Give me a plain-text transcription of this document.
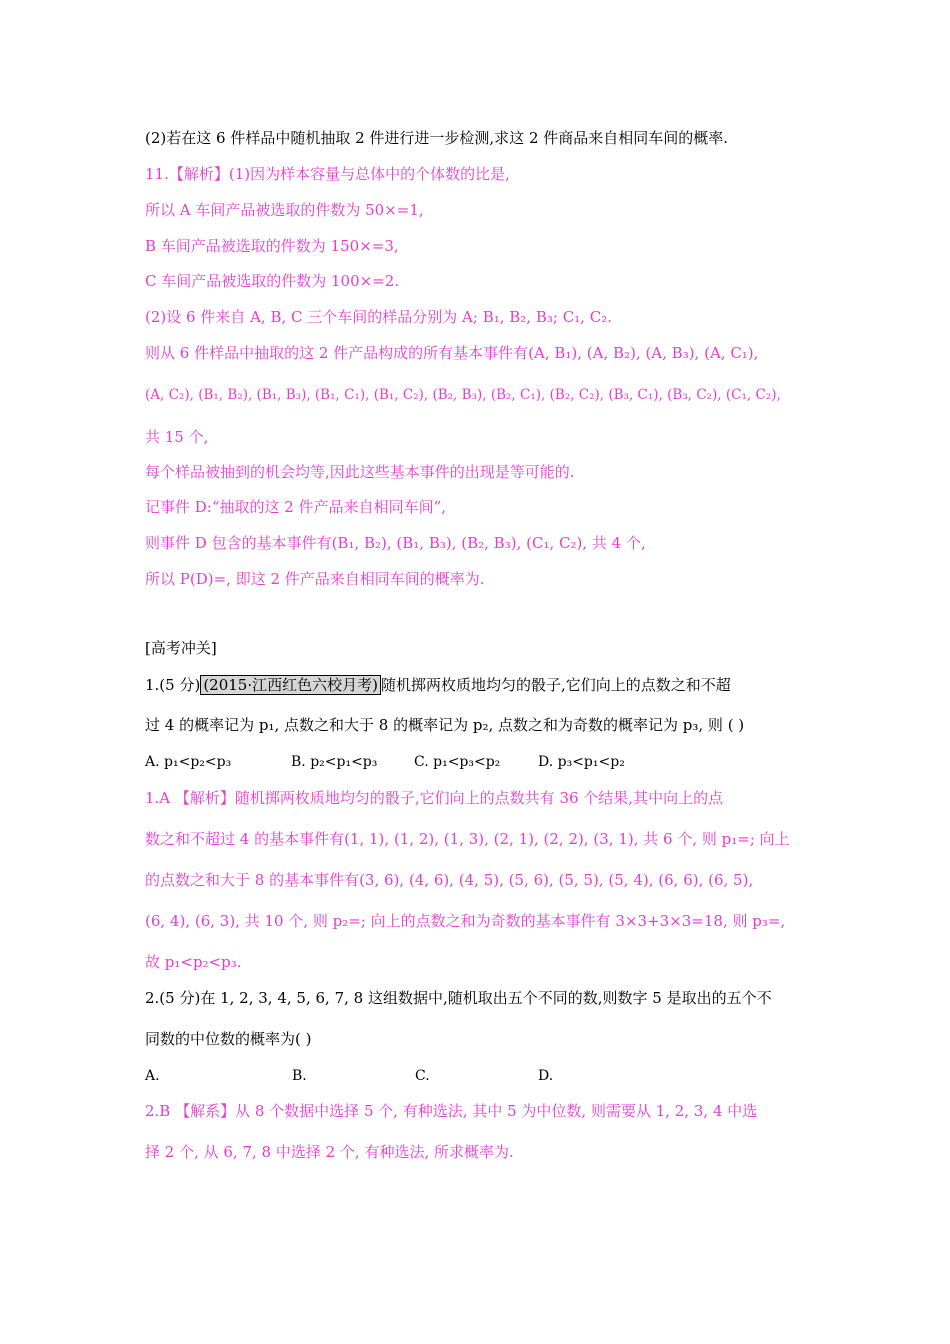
(2)若在这 6 件样品中随机抽取 2 件进行进一步检测,求这 2 件商品来自相同车间的概率.
11.【解析】(1)因为样本容量与总体中的个体数的比是,
所以 A 车间产品被选取的件数为 50×=1,
B 车间产品被选取的件数为 150×=3,
C 车间产品被选取的件数为 100×=2.
(2)设 6 件来自 A, B, C 三个车间的样品分别为 A; B₁, B₂, B₃; C₁, C₂.
则从 6 件样品中抽取的这 2 件产品构成的所有基本事件有(A, B₁), (A, B₂), (A, B₃), (A, C₁),
(A, C₂), (B₁, B₂), (B₁, B₃), (B₁, C₁), (B₁, C₂), (B₂, B₃), (B₂, C₁), (B₂, C₂), (B₃, C₁), (B₃, C₂), (C₁, C₂),
共 15 个,
每个样品被抽到的机会均等,因此这些基本事件的出现是等可能的.
记事件 D:“抽取的这 2 件产品来自相同车间”,
则事件 D 包含的基本事件有(B₁, B₂), (B₁, B₃), (B₂, B₃), (C₁, C₂), 共 4 个,
所以 P(D)=, 即这 2 件产品来自相同车间的概率为.
[高考冲关]
1.(5 分) (2015·江西红色六校月考) 随机掷两枚质地均匀的骰子,它们向上的点数之和不超
过 4 的概率记为 p₁, 点数之和大于 8 的概率记为 p₂, 点数之和为奇数的概率记为 p₃, 则 ( )
A. p₁<p₂<p₃	B. p₂<p₁<p₃	C. p₁<p₃<p₂	D. p₃<p₁<p₂
1.A 【解析】随机掷两枚质地均匀的骰子,它们向上的点数共有 36 个结果,其中向上的点
数之和不超过 4 的基本事件有(1, 1), (1, 2), (1, 3), (2, 1), (2, 2), (3, 1), 共 6 个, 则 p₁=; 向上
的点数之和大于 8 的基本事件有(3, 6), (4, 6), (4, 5), (5, 6), (5, 5), (5, 4), (6, 6), (6, 5),
(6, 4), (6, 3), 共 10 个, 则 p₂=; 向上的点数之和为奇数的基本事件有 3×3+3×3=18, 则 p₃=,
故 p₁<p₂<p₃.
2.(5 分)在 1, 2, 3, 4, 5, 6, 7, 8 这组数据中,随机取出五个不同的数,则数字 5 是取出的五个不
同数的中位数的概率为( )
A.	B.	C.	D.
2.B 【解系】从 8 个数据中选择 5 个, 有种选法, 其中 5 为中位数, 则需要从 1, 2, 3, 4 中选
择 2 个, 从 6, 7, 8 中选择 2 个, 有种选法, 所求概率为.
